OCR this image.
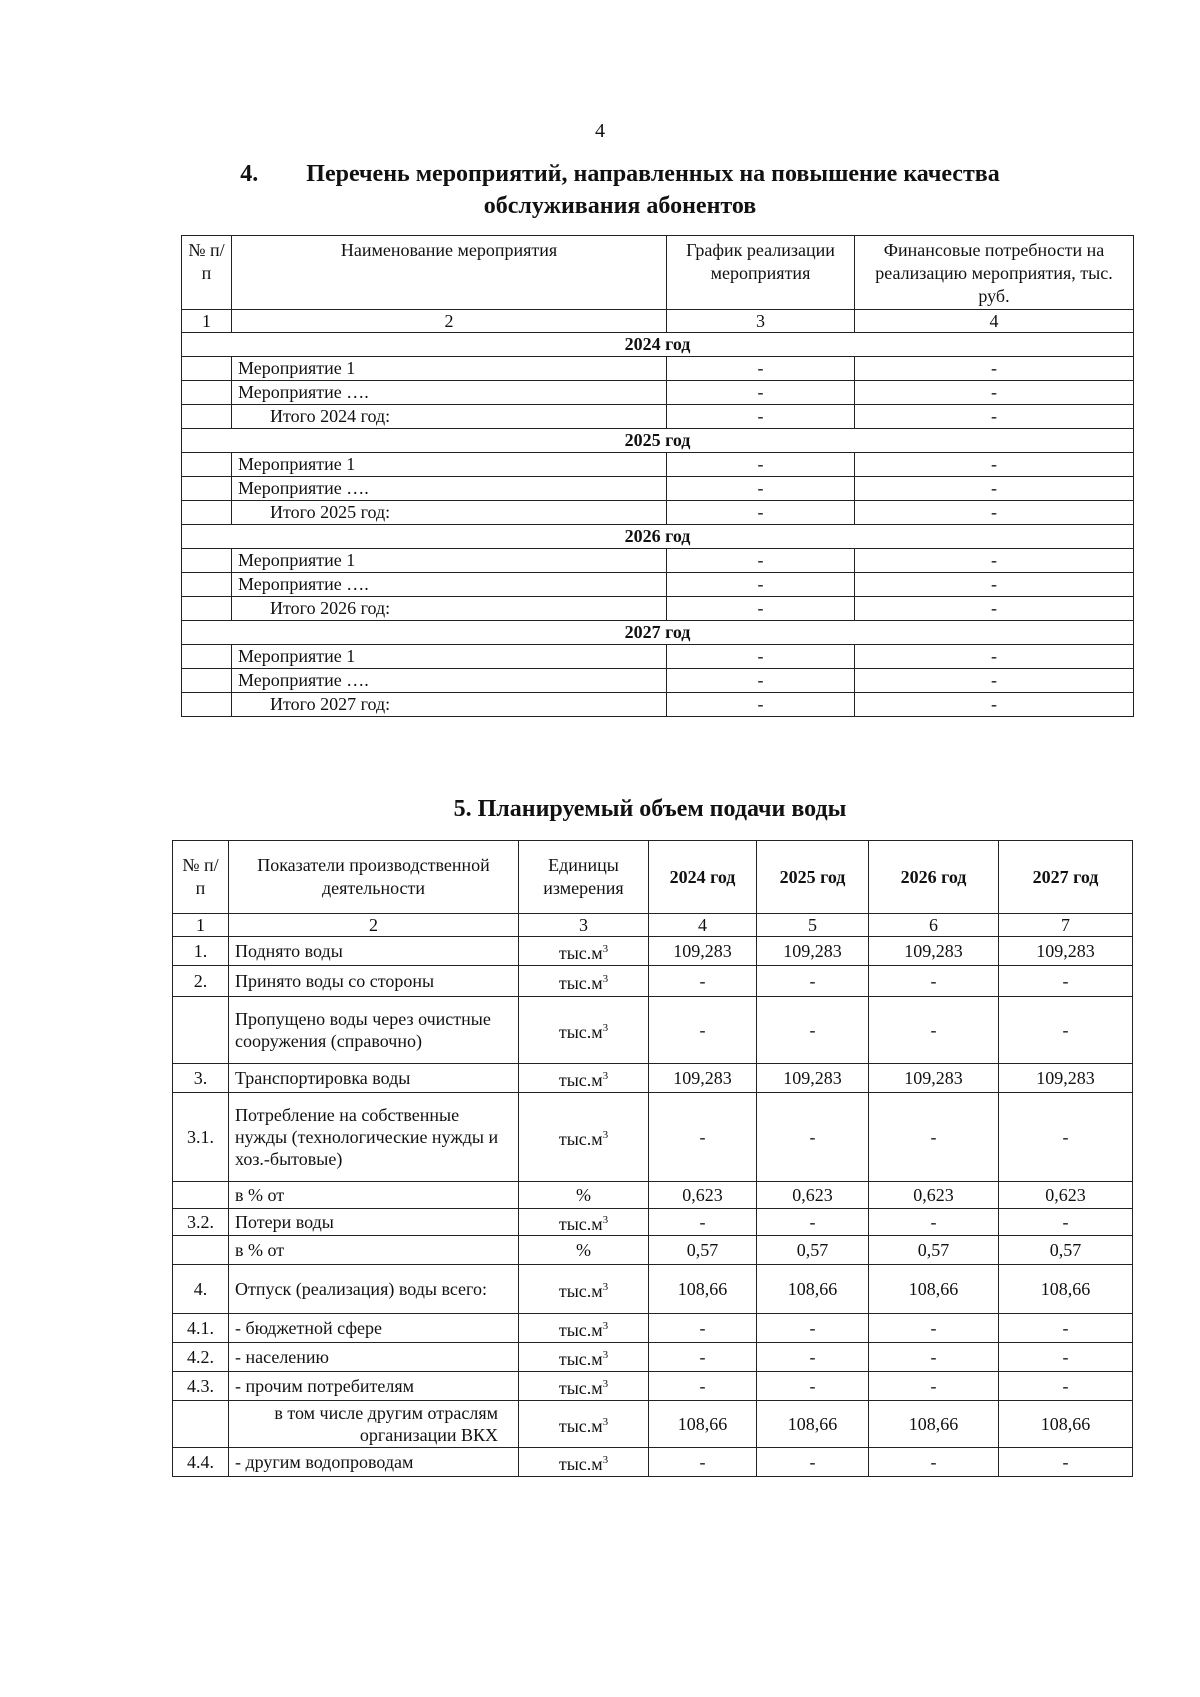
4
4. Перечень мероприятий, направленных на повышение качества
обслуживания абонентов
№ п/п	Наименование мероприятия	График реализации мероприятия	Финансовые потребности на реализацию мероприятия, тыс. руб.
1	2	3	4
2024 год			
	Мероприятие 1	-	-
	Мероприятие ….	-	-
	Итого 2024 год:	-	-
2025 год			
	Мероприятие 1	-	-
	Мероприятие ….	-	-
	Итого 2025 год:	-	-
2026 год			
	Мероприятие 1	-	-
	Мероприятие ….	-	-
	Итого 2026 год:	-	-
2027 год			
	Мероприятие 1	-	-
	Мероприятие ….	-	-
	Итого 2027 год:	-	-
5. Планируемый объем подачи воды
№ п/п	Показатели производственной деятельности	Единицы измерения	2024 год	2025 год	2026 год	2027 год
1	2	3	4	5	6	7
1.	Поднято воды	$тыс.м^3$	109,283	109,283	109,283	109,283
2.	Принято воды со стороны	$тыс.м^3$	-	-	-	-
	Пропущено воды через очистные сооружения (справочно)	$тыс.м^3$	-	-	-	-
3.	Транспортировка воды	$тыс.м^3$	109,283	109,283	109,283	109,283
3.1.	Потребление на собственные нужды (технологические нужды и хоз.-бытовые)	$тыс.м^3$	-	-	-	-
	в % от	%	0,623	0,623	0,623	0,623
3.2.	Потери воды	$тыс.м^3$	-	-	-	-
	в % от	%	0,57	0,57	0,57	0,57
4.	Отпуск (реализация) воды всего:	$тыс.м^3$	108,66	108,66	108,66	108,66
4.1.	- бюджетной сфере	$тыс.м^3$	-	-	-	-
4.2.	- населению	$тыс.м^3$	-	-	-	-
4.3.	- прочим потребителям	$тыс.м^3$	-	-	-	-
	в том числе другим отраслям организации ВКХ	$тыс.м^3$	108,66	108,66	108,66	108,66
4.4.	- другим водопроводам	$тыс.м^3$	-	-	-	-
